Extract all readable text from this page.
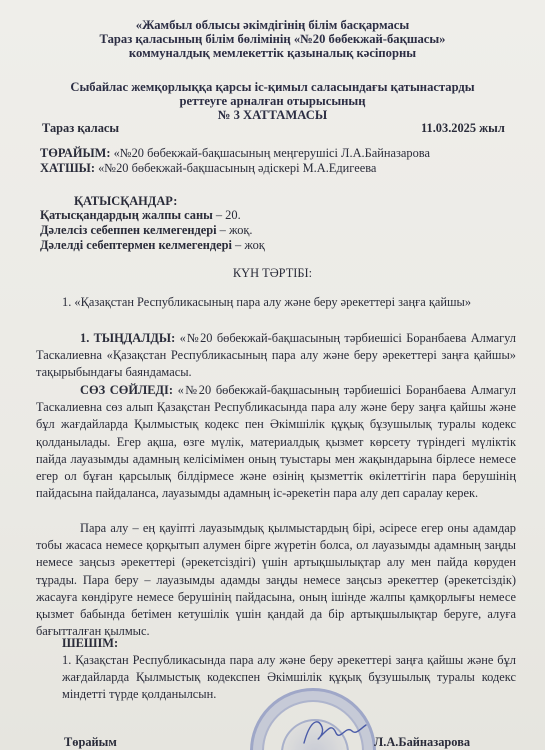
«Жамбыл облысы әкімдігінің білім басқармасы
Тараз қаласының білім бөлімінің «№20 бөбекжай-бақшасы»
коммуналдық мемлекеттік қазыналық кәсіпорны
Сыбайлас жемқорлыққа қарсы іс-қимыл саласындағы қатынастарды
реттеуге арналған отырысының
№ 3 ХАТТАМАСЫ
Тараз қаласы	11.03.2025 жыл
ТӨРАЙЫМ: «№20 бөбекжай-бақшасының меңгерушісі Л.А.Байназарова
ХАТШЫ: «№20 бөбекжай-бақшасының әдіскері М.А.Едигеева
ҚАТЫСҚАНДАР:
Қатысқандардың жалпы саны – 20.
Дәлелсіз себеппен келмегендері – жоқ.
Дәлелді себептермен келмегендері – жоқ
КҮН ТӘРТІБІ:
1. «Қазақстан Республикасының пара алу және беру әрекеттері заңға қайшы»
1. ТЫҢДАЛДЫ: «№20 бөбекжай-бақшасының тәрбиешісі Боранбаева Алмагул Таскалиевна «Қазақстан Республикасының пара алу және беру әрекеттері заңға қайшы» тақырыбындағы баяндамасы.
СӨЗ СӨЙЛЕДІ: «№20 бөбекжай-бақшасының тәрбиешісі Боранбаева Алмагул Таскалиевна сөз алып Қазақстан Республикасында пара алу және беру заңға қайшы және бұл жағдайларда Қылмыстық кодекс пен Әкімшілік құқық бұзушылық туралы кодекс қолданылады. Егер ақша, өзге мүлік, материалдық қызмет көрсету түріндегі мүліктік пайда лауазымды адамның келісімімен оның туыстары мен жақындарына бірлесе немесе егер ол бұған қарсылық білдірмесе және өзінің қызметтік өкілеттігін пара берушінің пайдасына пайдаланса, лауазымды адамның іс-әрекетін пара алу деп саралау керек.
Пара алу – ең қауіпті лауазымдық қылмыстардың бірі, әсіресе егер оны адамдар тобы жасаса немесе қорқытып алумен бірге жүретін болса, ол лауазымды адамның заңды немесе заңсыз әрекеттері (әрекетсіздігі) үшін артықшылықтар алу мен пайда көруден тұрады. Пара беру – лауазымды адамды заңды немесе заңсыз әрекеттер (әрекетсіздік) жасауға көндіруге немесе берушінің пайдасына, оның ішінде жалпы қамқорлығы немесе қызмет бабында бетімен кетушілік үшін қандай да бір артықшылықтар беруге, алуға бағытталған қылмыс.
ШЕШІМ:
1. Қазақстан Республикасында пара алу және беру әрекеттері заңға қайшы және бұл жағдайларда Қылмыстық кодекспен Әкімшілік құқық бұзушылық туралы кодекс міндетті түрде қолданылсын.
Төрайым	Л.А.Байназарова
